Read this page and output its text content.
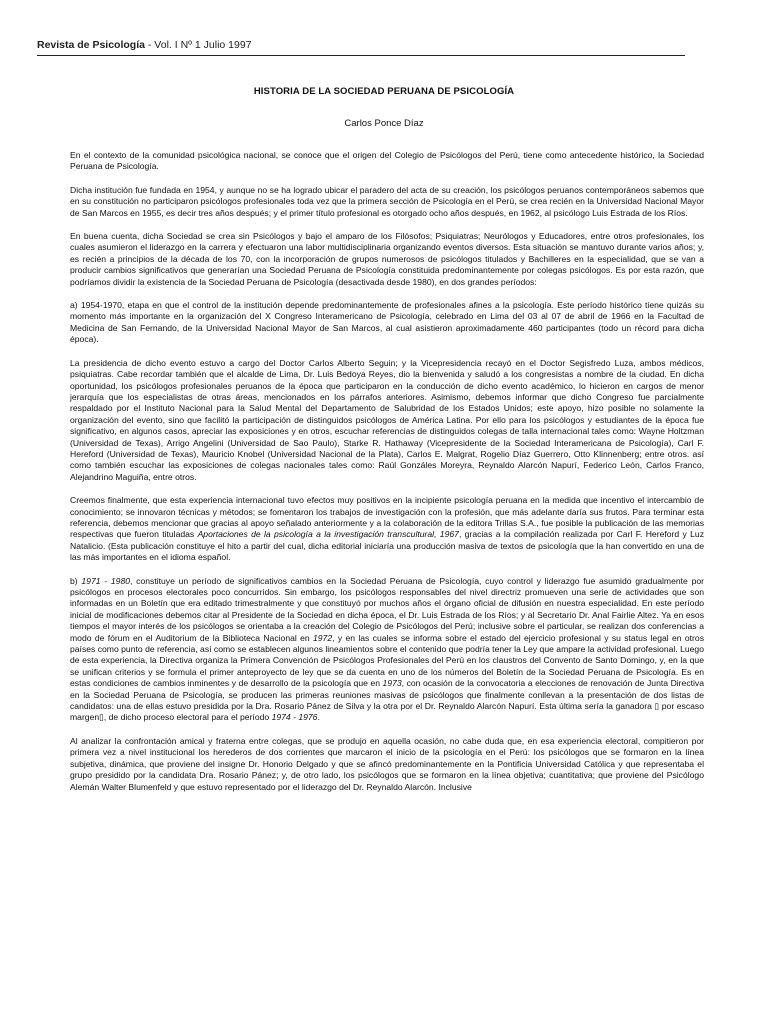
Revista de Psicología - Vol. I Nº 1 Julio 1997
HISTORIA DE LA SOCIEDAD PERUANA DE PSICOLOGÍA
Carlos Ponce Díaz

En el contexto de la comunidad psicológica nacional, se conoce que el origen del Colegio de Psicólogos del Perú, tiene como antecedente histórico, la Sociedad Peruana de Psicología.

Dicha institución fue fundada en 1954, y aunque no se ha logrado ubicar el paradero del acta de su creación, los psicólogos peruanos contemporáneos sabemos que en su constitución no participaron psicólogos profesionales toda vez que la primera sección de Psicología en el Perú, se crea recién en la Universidad Nacional Mayor de San Marcos en 1955, es decir tres años después; y el primer título profesional es otorgado ocho años después, en 1962, al psicólogo Luis Estrada de los Ríos.

En buena cuenta, dicha Sociedad se crea sin Psicólogos y bajo el amparo de los Filósofos; Psiquiatras; Neurólogos y Educadores, entre otros profesionales, los cuales asumieron el liderazgo en la carrera y efectuaron una labor multidisciplinaria organizando eventos diversos. Esta situación se mantuvo durante varios años; y, es recién a principios de la década de los 70, con la incorporación de grupos numerosos de psicólogos titulados y Bachilleres en la especialidad, que se van a producir cambios significativos que generarían una Sociedad Peruana de Psicología constituida predominantemente por colegas psicólogos. Es por esta razón, que podríamos dividir la existencia de la Sociedad Peruana de Psicología (desactivada desde 1980), en dos grandes períodos:

a) 1954-1970, etapa en que el control de la institución depende predominantemente de profesionales afines a la psicología. Este período histórico tiene quizás su momento más importante en la organización del X Congreso Interamericano de Psicología, celebrado en Lima del 03 al 07 de abril de 1966 en la Facultad de Medicina de San Fernando, de la Universidad Nacional Mayor de San Marcos, al cual asistieron aproximadamente 460 participantes (todo un récord para dicha época).

La presidencia de dicho evento estuvo a cargo del Doctor Carlos Alberto Seguin; y la Vicepresidencia recayó en el Doctor Segisfredo Luza, ambos médicos, psiquiatras. Cabe recordar también que el alcalde de Lima, Dr. Luis Bedoya Reyes, dio la bienvenida y saludó a los congresistas a nombre de la ciudad. En dicha oportunidad, los psicólogos profesionales peruanos de la época que participaron en la conducción de dicho evento académico, lo hicieron en cargos de menor jerarquía que los especialistas de otras áreas, mencionados en los párrafos anteriores. Asimismo, debemos informar que dicho Congreso fue parcialmente respaldado por el Instituto Nacional para la Salud Mental del Departamento de Salubridad de los Estados Unidos; este apoyo, hizo posible no solamente la organización del evento, sino que facilitó la participación de distinguidos psicólogos de América Latina. Por ello para los psicólogos y estudiantes de la época fue significativo, en algunos casos, apreciar las exposiciones y en otros, escuchar referencias de distinguidos colegas de talla internacional tales como: Wayne Holtzman (Universidad de Texas), Arrigo Angelini (Universidad de Sao Paulo), Starke R. Hathaway (Vicepresidente de la Sociedad Interamericana de Psicología), Carl F. Hereford (Universidad de Texas), Mauricio Knobel (Universidad Nacional de la Plata), Carlos E. Malgrat, Rogelio Díaz Guerrero, Otto Klinnenberg; entre otros. así como también escuchar las exposiciones de colegas nacionales tales como: Raúl Gonzáles Moreyra, Reynaldo Alarcón Napurí, Federico León, Carlos Franco, Alejandrino Maguiña, entre otros.

Creemos finalmente, que esta experiencia internacional tuvo efectos muy positivos en la incipiente psicología peruana en la medida que incentivo el intercambio de conocimiento; se innovaron técnicas y métodos; se fomentaron los trabajos de investigación con la profesión, que más adelante daría sus frutos. Para terminar esta referencia, debemos mencionar que gracias al apoyo señalado anteriormente y a la colaboración de la editora Trillas S.A., fue posible la publicación de las memorias respectivas que fueron tituladas Aportaciones de la psicología a la investigación transcultural, 1967, gracias a la compilación realizada por Carl F. Hereford y Luz Natalicio. (Esta publicación constituye el hito a partir del cual, dicha editorial iniciaría una producción masiva de textos de psicología que la han convertido en una de las más importantes en el idioma español.

b) 1971 - 1980, constituye un período de significativos cambios en la Sociedad Peruana de Psicología, cuyo control y liderazgo fue asumido gradualmente por psicólogos en procesos electorales poco concurridos. Sin embargo, los psicólogos responsables del nivel directriz promueven una serie de actividades que son informadas en un Boletín que era editado trimestralmente y que constituyó por muchos años el órgano oficial de difusión en nuestra especialidad. En este período inicial de modificaciones debemos citar al Presidente de la Sociedad en dicha época, el Dr. Luis Estrada de los Ríos; y al Secretario Dr. Anal Fairlie Altez. Ya en esos tiempos el mayor interés de los psicólogos se orientaba a la creación del Colegio de Psicólogos del Perú; inclusive sobre el particular, se realizan dos conferencias a modo de fórum en el Auditorium de la Biblioteca Nacional en 1972, y en las cuales se informa sobre el estado del ejercicio profesional y su status legal en otros países como punto de referencia, así como se establecen algunos lineamientos sobre el contenido que podría tener la Ley que ampare la actividad profesional. Luego de esta experiencia, la Directiva organiza la Primera Convención de Psicólogos Profesionales del Perú en los claustros del Convento de Santo Domingo, y, en la que se unifican criterios y se formula el primer anteproyecto de ley que se da cuenta en uno de los números del Boletín de la Sociedad Peruana de Psicología. Es en estas condiciones de cambios inminentes y de desarrollo de la psicología que en 1973, con ocasión de la convocatoria a elecciones de renovación de Junta Directiva en la Sociedad Peruana de Psicología, se producen las primeras reuniones masivas de psicólogos que finalmente conllevan a la presentación de dos listas de candidatos: una de ellas estuvo presidida por la Dra. Rosario Pánez de Silva y la otra por el Dr. Reynaldo Alarcón Napurí. Esta última sería la ganadora ▯ por escaso margen▯, de dicho proceso electoral para el período 1974 - 1976.

Al analizar la confrontación amical y fraterna entre colegas, que se produjo en aquella ocasión, no cabe duda que, en esa experiencia electoral, compitieron por primera vez a nivel institucional los herederos de dos corrientes que marcaron el inicio de la psicología en el Perú: los psicólogos que se formaron en la línea subjetiva, dinámica, que proviene del insigne Dr. Honorio Delgado y que se afincó predominantemente en la Pontificia Universidad Católica y que representaba el grupo presidido por la candidata Dra. Rosario Pánez; y, de otro lado, los psicólogos que se formaron en la línea objetiva; cuantitativa; que proviene del Psicólogo Alemán Walter Blumenfeld y que estuvo representado por el liderazgo del Dr. Reynaldo Alarcón. Inclusive
